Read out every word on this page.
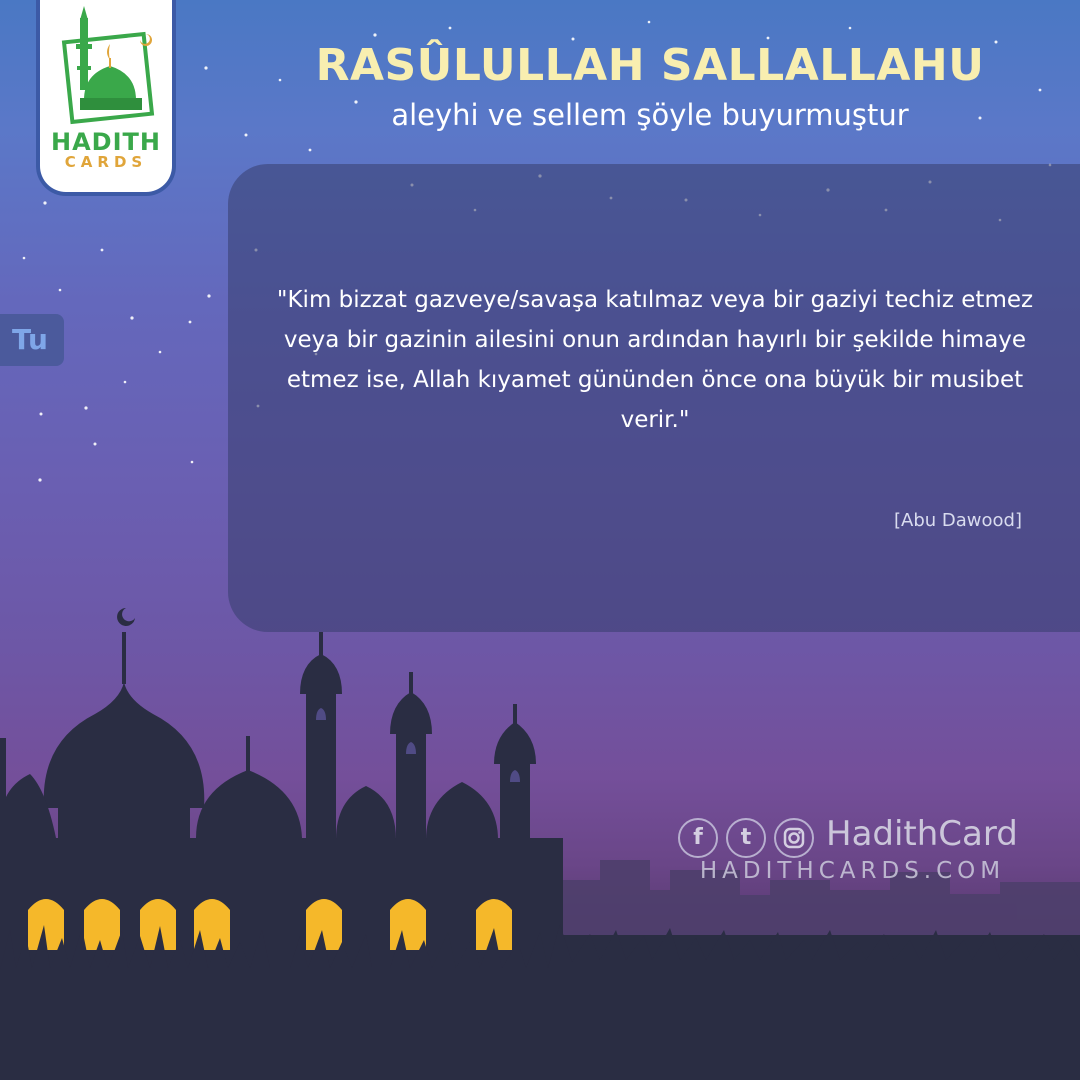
HADITH
CARDS
RASÛLULLAH SALLALLAHU
aleyhi ve sellem şöyle buyurmuştur
Tu
"Kim bizzat gazveye/savaşa katılmaz veya bir gaziyi techiz etmez veya bir gazinin ailesini onun ardından hayırlı bir şekilde himaye etmez ise, Allah kıyamet gününden önce ona büyük bir musibet verir."
[Abu Dawood]
f	t	HadithCard
HADITHCARDS.COM
